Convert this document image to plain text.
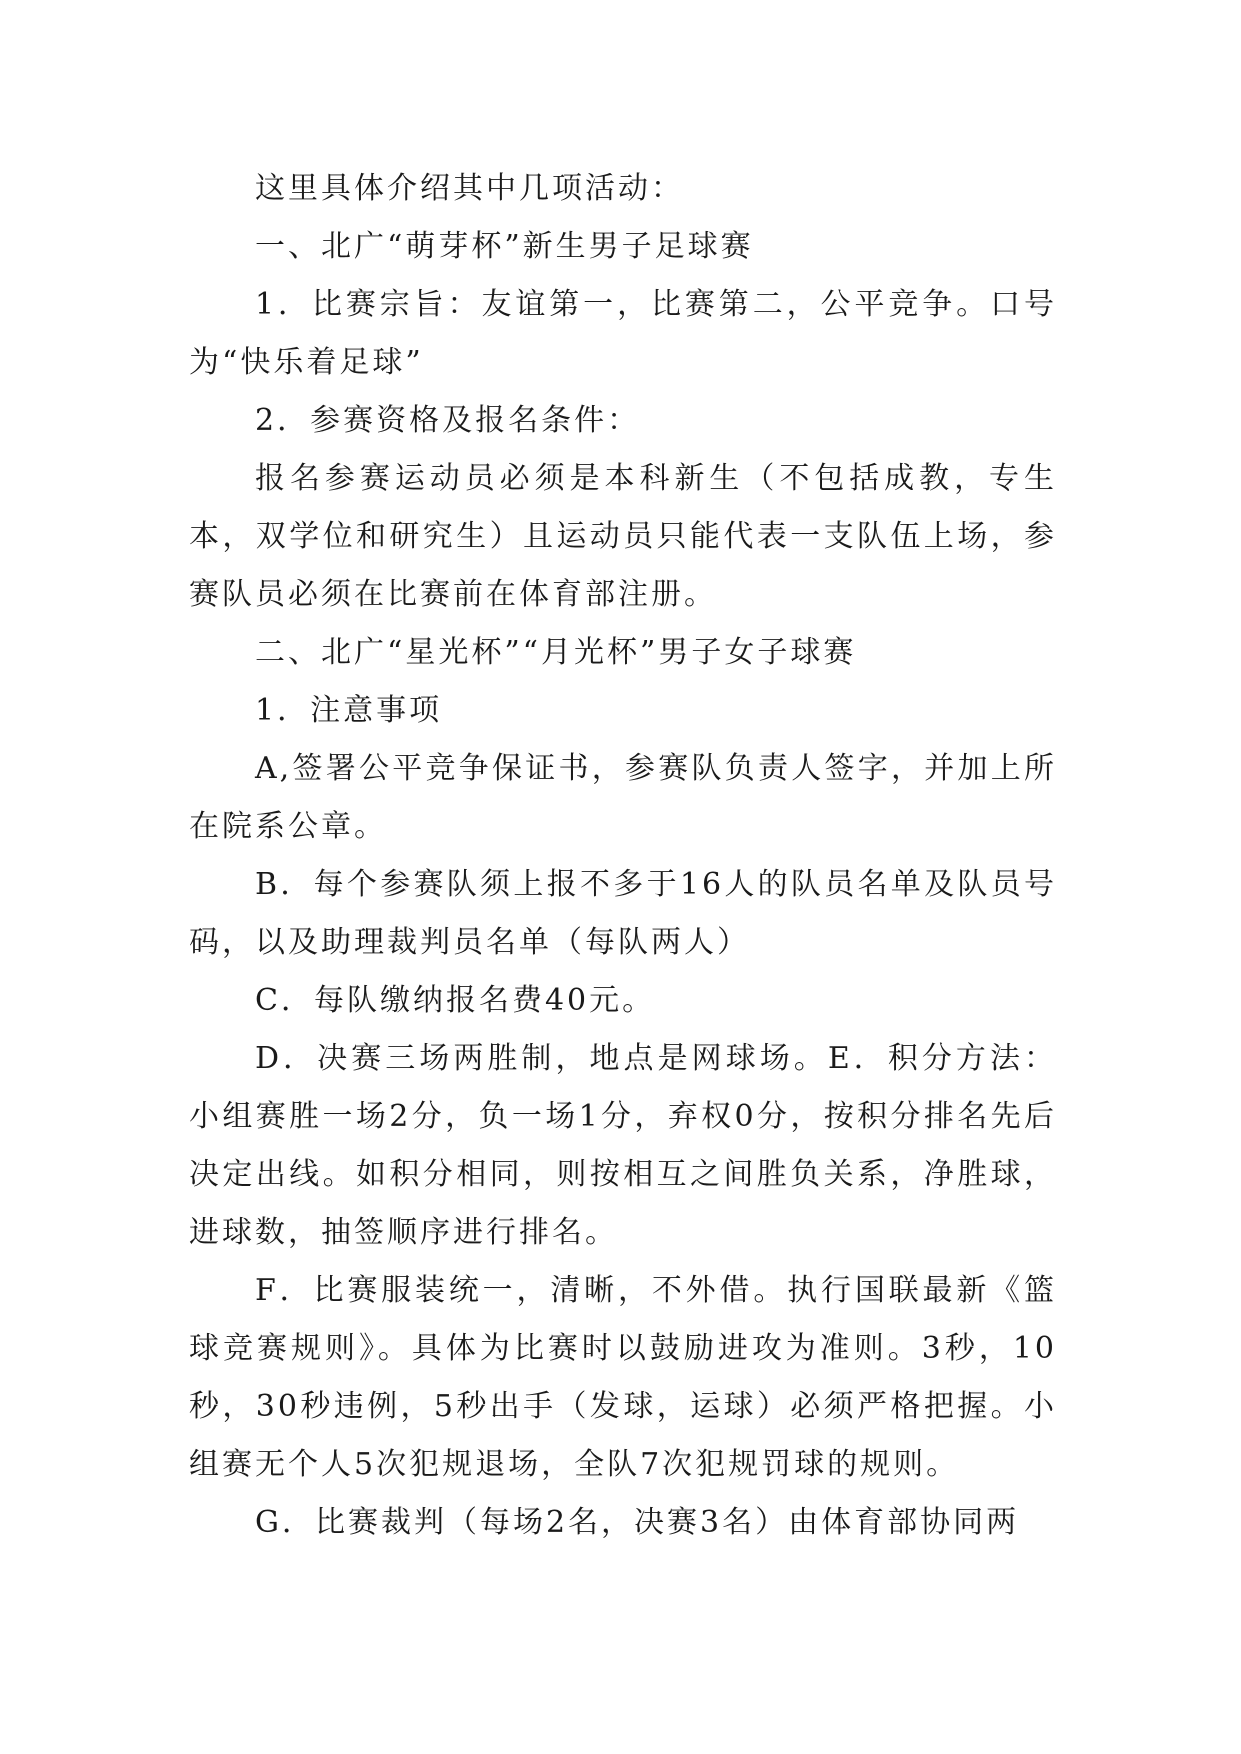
这里具体介绍其中几项活动：

一、北广“萌芽杯”新生男子足球赛

1．比赛宗旨：友谊第一，比赛第二，公平竞争。口号为“快乐着足球”

2．参赛资格及报名条件：

报名参赛运动员必须是本科新生（不包括成教，专生本，双学位和研究生）且运动员只能代表一支队伍上场，参赛队员必须在比赛前在体育部注册。

二、北广“星光杯”“月光杯”男子女子球赛

1．注意事项

A,签署公平竞争保证书，参赛队负责人签字，并加上所在院系公章。

B．每个参赛队须上报不多于16人的队员名单及队员号码，以及助理裁判员名单（每队两人）

C．每队缴纳报名费40元。

D．决赛三场两胜制，地点是网球场。E．积分方法：小组赛胜一场2分，负一场1分，弃权0分，按积分排名先后决定出线。如积分相同，则按相互之间胜负关系，净胜球，进球数，抽签顺序进行排名。

F．比赛服装统一，清晰，不外借。执行国联最新《篮球竞赛规则》。具体为比赛时以鼓励进攻为准则。3秒，10秒，30秒违例，5秒出手（发球，运球）必须严格把握。小组赛无个人5次犯规退场，全队7次犯规罚球的规则。

G．比赛裁判（每场2名，决赛3名）由体育部协同两
